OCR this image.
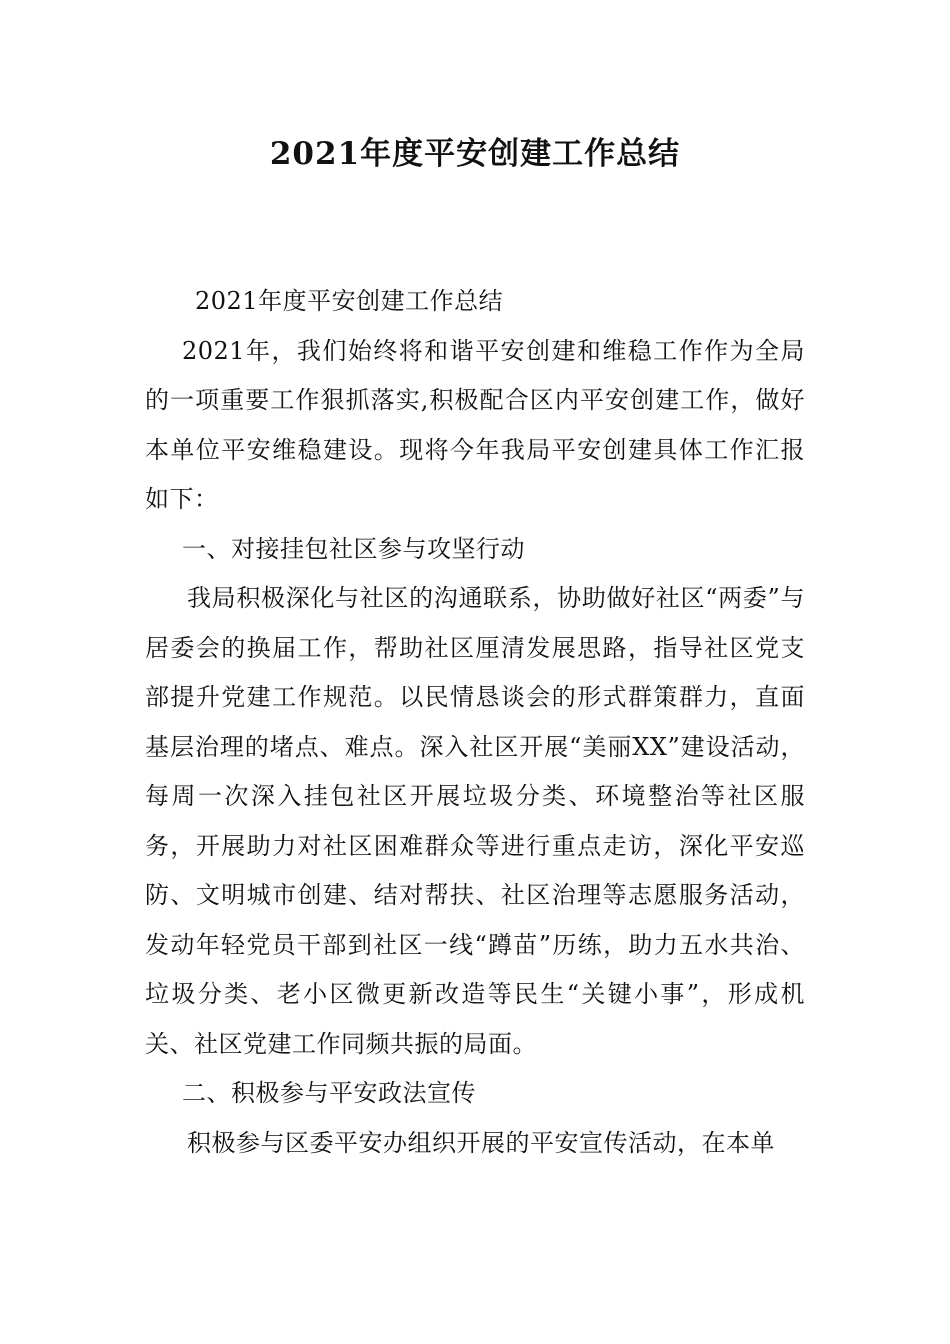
2021年度平安创建工作总结

2021年度平安创建工作总结

2021年，我们始终将和谐平安创建和维稳工作作为全局的一项重要工作狠抓落实,积极配合区内平安创建工作，做好本单位平安维稳建设。现将今年我局平安创建具体工作汇报如下：

一、对接挂包社区参与攻坚行动

我局积极深化与社区的沟通联系，协助做好社区“两委”与居委会的换届工作，帮助社区厘清发展思路，指导社区党支部提升党建工作规范。以民情恳谈会的形式群策群力，直面基层治理的堵点、难点。深入社区开展“美丽XX”建设活动，每周一次深入挂包社区开展垃圾分类、环境整治等社区服务，开展助力对社区困难群众等进行重点走访，深化平安巡防、文明城市创建、结对帮扶、社区治理等志愿服务活动，发动年轻党员干部到社区一线“蹲苗”历练，助力五水共治、垃圾分类、老小区微更新改造等民生“关键小事”，形成机关、社区党建工作同频共振的局面。

二、积极参与平安政法宣传

积极参与区委平安办组织开展的平安宣传活动，在本单
